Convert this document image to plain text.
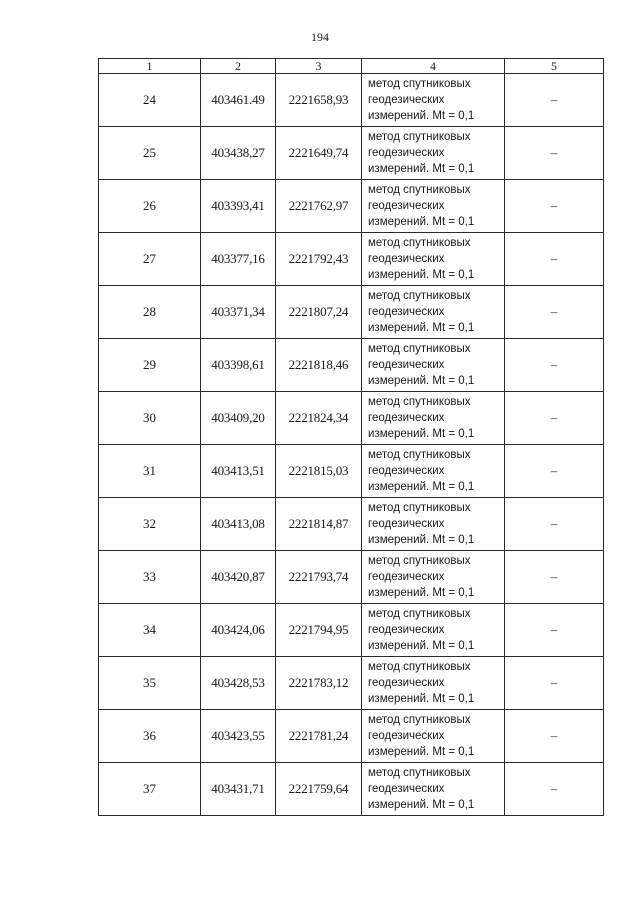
194
1	2	3	4	5
24	403461.49	2221658,93	метод спутниковых
геодезических
измерений. Mt = 0,1	–
25	403438,27	2221649,74	метод спутниковых
геодезических
измерений. Mt = 0,1	–
26	403393,41	2221762,97	метод спутниковых
геодезических
измерений. Mt = 0,1	–
27	403377,16	2221792,43	метод спутниковых
геодезических
измерений. Mt = 0,1	–
28	403371,34	2221807,24	метод спутниковых
геодезических
измерений. Mt = 0,1	–
29	403398,61	2221818,46	метод спутниковых
геодезических
измерений. Mt = 0,1	–
30	403409,20	2221824,34	метод спутниковых
геодезических
измерений. Mt = 0,1	–
31	403413,51	2221815,03	метод спутниковых
геодезических
измерений. Mt = 0,1	–
32	403413,08	2221814,87	метод спутниковых
геодезических
измерений. Mt = 0,1	–
33	403420,87	2221793,74	метод спутниковых
геодезических
измерений. Mt = 0,1	–
34	403424,06	2221794,95	метод спутниковых
геодезических
измерений. Mt = 0,1	–
35	403428,53	2221783,12	метод спутниковых
геодезических
измерений. Mt = 0,1	–
36	403423,55	2221781,24	метод спутниковых
геодезических
измерений. Mt = 0,1	–
37	403431,71	2221759,64	метод спутниковых
геодезических
измерений. Mt = 0,1	–
